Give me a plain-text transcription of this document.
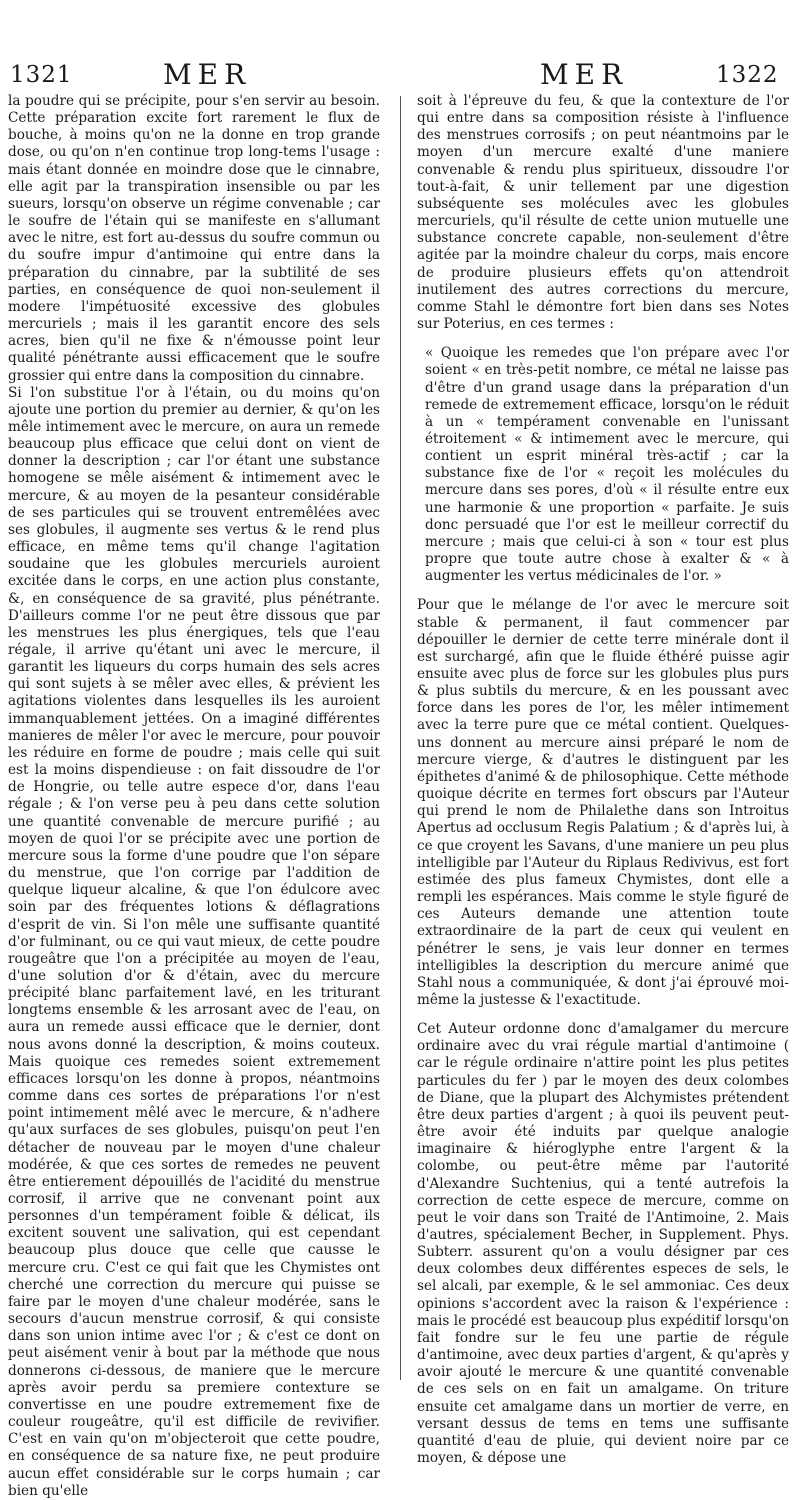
1321	MER	MER	1322

la poudre qui se précipite, pour s'en servir au besoin. Cette préparation excite fort rarement le flux de bouche, à moins qu'on ne la donne en trop grande dose, ou qu'on n'en continue trop long-tems l'usage : mais étant donnée en moindre dose que le cinnabre, elle agit par la transpiration insensible ou par les sueurs, lorsqu'on observe un régime convenable ; car le soufre de l'étain qui se manifeste en s'allumant avec le nitre, est fort au-dessus du soufre commun ou du soufre impur d'antimoine qui entre dans la préparation du cinnabre, par la subtilité de ses parties, en conséquence de quoi non-seulement il modere l'impétuosité excessive des globules mercuriels ; mais il les garantit encore des sels acres, bien qu'il ne fixe & n'émousse point leur qualité pénétrante aussi efficacement que le soufre grossier qui entre dans la composition du cinnabre.

Si l'on substitue l'or à l'étain, ou du moins qu'on ajoute une portion du premier au dernier, & qu'on les mêle intimement avec le mercure, on aura un remede beaucoup plus efficace que celui dont on vient de donner la description ; car l'or étant une substance homogene se mêle aisément & intimement avec le mercure, & au moyen de la pesanteur considérable de ses particules qui se trouvent entremêlées avec ses globules, il augmente ses vertus & le rend plus efficace, en même tems qu'il change l'agitation soudaine que les globules mercuriels auroient excitée dans le corps, en une action plus constante, &, en conséquence de sa gravité, plus pénétrante. D'ailleurs comme l'or ne peut être dissous que par les menstrues les plus énergiques, tels que l'eau régale, il arrive qu'étant uni avec le mercure, il garantit les liqueurs du corps humain des sels acres qui sont sujets à se mêler avec elles, & prévient les agitations violentes dans lesquelles ils les auroient immanquablement jettées. On a imaginé différentes manieres de mêler l'or avec le mercure, pour pouvoir les réduire en forme de poudre ; mais celle qui suit est la moins dispendieuse : on fait dissoudre de l'or de Hongrie, ou telle autre espece d'or, dans l'eau régale ; & l'on verse peu à peu dans cette solution une quantité convenable de mercure purifié ; au moyen de quoi l'or se précipite avec une portion de mercure sous la forme d'une poudre que l'on sépare du menstrue, que l'on corrige par l'addition de quelque liqueur alcaline, & que l'on édulcore avec soin par des fréquentes lotions & déflagrations d'esprit de vin. Si l'on mêle une suffisante quantité d'or fulminant, ou ce qui vaut mieux, de cette poudre rougeâtre que l'on a précipitée au moyen de l'eau, d'une solution d'or & d'étain, avec du mercure précipité blanc parfaitement lavé, en les triturant longtems ensemble & les arrosant avec de l'eau, on aura un remede aussi efficace que le dernier, dont nous avons donné la description, & moins couteux. Mais quoique ces remedes soient extremement efficaces lorsqu'on les donne à propos, néantmoins comme dans ces sortes de préparations l'or n'est point intimement mêlé avec le mercure, & n'adhere qu'aux surfaces de ses globules, puisqu'on peut l'en détacher de nouveau par le moyen d'une chaleur modérée, & que ces sortes de remedes ne peuvent être entierement dépouillés de l'acidité du menstrue corrosif, il arrive que ne convenant point aux personnes d'un tempérament foible & délicat, ils excitent souvent une salivation, qui est cependant beaucoup plus douce que celle que causse le mercure cru. C'est ce qui fait que les Chymistes ont cherché une correction du mercure qui puisse se faire par le moyen d'une chaleur modérée, sans le secours d'aucun menstrue corrosif, & qui consiste dans son union intime avec l'or ; & c'est ce dont on peut aisément venir à bout par la méthode que nous donnerons ci-dessous, de maniere que le mercure après avoir perdu sa premiere contexture se convertisse en une poudre extremement fixe de couleur rougeâtre, qu'il est difficile de revivifier. C'est en vain qu'on m'objecteroit que cette poudre, en conséquence de sa nature fixe, ne peut produire aucun effet considérable sur le corps humain ; car bien qu'elle

soit à l'épreuve du feu, & que la contexture de l'or qui entre dans sa composition résiste à l'influence des menstrues corrosifs ; on peut néantmoins par le moyen d'un mercure exalté d'une maniere convenable & rendu plus spiritueux, dissoudre l'or tout-à-fait, & unir tellement par une digestion subséquente ses molécules avec les globules mercuriels, qu'il résulte de cette union mutuelle une substance concrete capable, non-seulement d'être agitée par la moindre chaleur du corps, mais encore de produire plusieurs effets qu'on attendroit inutilement des autres corrections du mercure, comme Stahl le démontre fort bien dans ses Notes sur Poterius, en ces termes :

« Quoique les remedes que l'on prépare avec l'or soient « en très-petit nombre, ce métal ne laisse pas d'être d'un grand usage dans la préparation d'un remede de extremement efficace, lorsqu'on le réduit à un « tempérament convenable en l'unissant étroitement « & intimement avec le mercure, qui contient un esprit minéral très-actif ; car la substance fixe de l'or « reçoit les molécules du mercure dans ses pores, d'où « il résulte entre eux une harmonie & une proportion « parfaite. Je suis donc persuadé que l'or est le meilleur correctif du mercure ; mais que celui-ci à son « tour est plus propre que toute autre chose à exalter & « à augmenter les vertus médicinales de l'or. »

Pour que le mélange de l'or avec le mercure soit stable & permanent, il faut commencer par dépouiller le dernier de cette terre minérale dont il est surchargé, afin que le fluide éthéré puisse agir ensuite avec plus de force sur les globules plus purs & plus subtils du mercure, & en les poussant avec force dans les pores de l'or, les mêler intimement avec la terre pure que ce métal contient. Quelques-uns donnent au mercure ainsi préparé le nom de mercure vierge, & d'autres le distinguent par les épithetes d'animé & de philosophique. Cette méthode quoique décrite en termes fort obscurs par l'Auteur qui prend le nom de Philalethe dans son Introitus Apertus ad occlusum Regis Palatium ; & d'après lui, à ce que croyent les Savans, d'une maniere un peu plus intelligible par l'Auteur du Riplaus Redivivus, est fort estimée des plus fameux Chymistes, dont elle a rempli les espérances. Mais comme le style figuré de ces Auteurs demande une attention toute extraordinaire de la part de ceux qui veulent en pénétrer le sens, je vais leur donner en termes intelligibles la description du mercure animé que Stahl nous a communiquée, & dont j'ai éprouvé moi-même la justesse & l'exactitude.

Cet Auteur ordonne donc d'amalgamer du mercure ordinaire avec du vrai régule martial d'antimoine ( car le régule ordinaire n'attire point les plus petites particules du fer ) par le moyen des deux colombes de Diane, que la plupart des Alchymistes prétendent être deux parties d'argent ; à quoi ils peuvent peut-être avoir été induits par quelque analogie imaginaire & hiéroglyphe entre l'argent & la colombe, ou peut-être même par l'autorité d'Alexandre Suchtenius, qui a tenté autrefois la correction de cette espece de mercure, comme on peut le voir dans son Traité de l'Antimoine, 2. Mais d'autres, spécialement Becher, in Supplement. Phys. Subterr. assurent qu'on a voulu désigner par ces deux colombes deux différentes especes de sels, le sel alcali, par exemple, & le sel ammoniac. Ces deux opinions s'accordent avec la raison & l'expérience : mais le procédé est beaucoup plus expéditif lorsqu'on fait fondre sur le feu une partie de régule d'antimoine, avec deux parties d'argent, & qu'après y avoir ajouté le mercure & une quantité convenable de ces sels on en fait un amalgame. On triture ensuite cet amalgame dans un mortier de verre, en versant dessus de tems en tems une suffisante quantité d'eau de pluie, qui devient noire par ce moyen, & dépose une
